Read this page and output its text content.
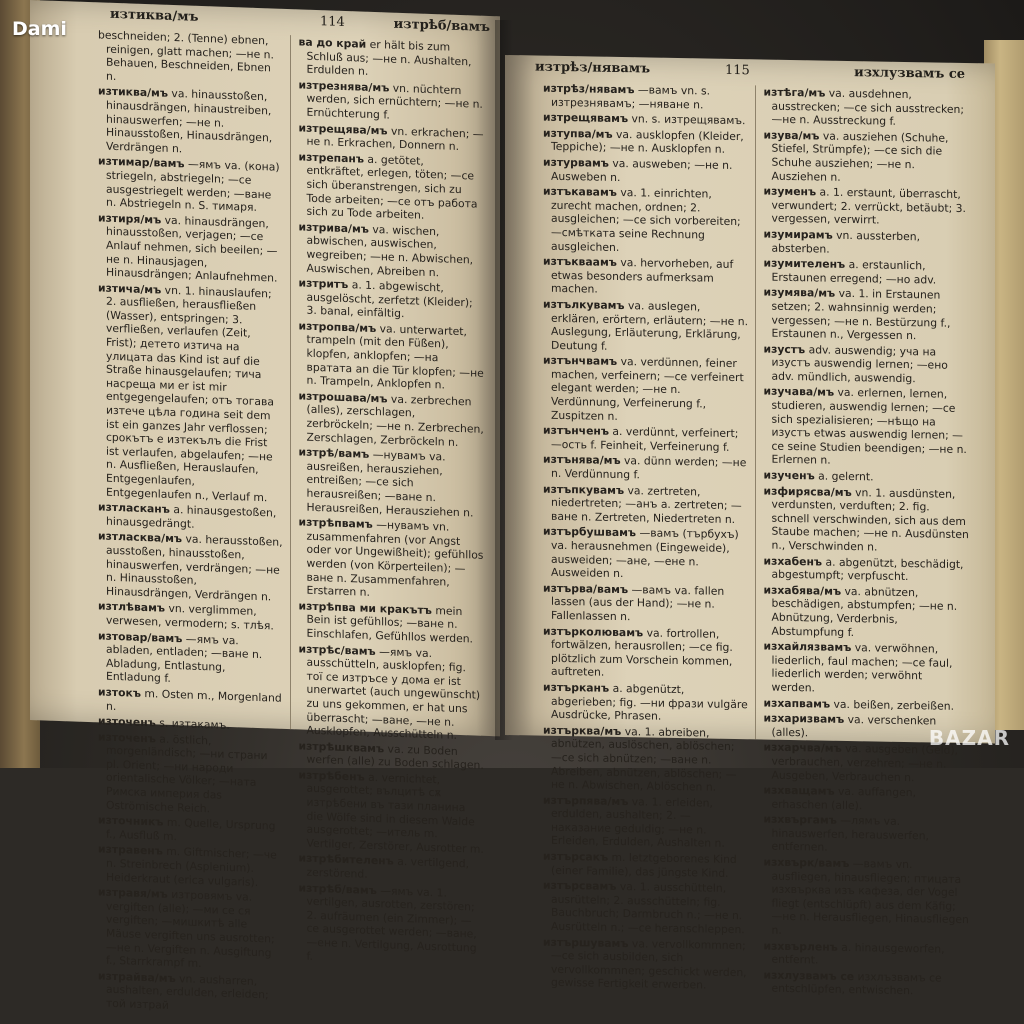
изтиква/мъ	114	изтрѣб/вамъ
beschneiden; 2. (Tenne) ebnen, reinigen, glatt machen; —не n. Behauen, Beschneiden, Ebnen n.
изтиква/мъ va. hinausstoßen, hinausdrängen, hinaustreiben, hinauswerfen; —не n. Hinausstoßen, Hinausdrängen, Verdrängen n.
изтимар/вамъ —ямъ va. (кона) striegeln, abstriegeln; —се ausgestriegelt werden; —ване n. Abstriegeln n. S. тимаря.
изтиря/мъ va. hinausdrängen, hinausstoßen, verjagen; —се Anlauf nehmen, sich beeilen; —не n. Hinausjagen, Hinausdrängen; Anlaufnehmen.
изтича/мъ vn. 1. hinauslaufen; 2. ausfließen, herausfließen (Wasser), entspringen; 3. verfließen, verlaufen (Zeit, Frist); детето изтича на улицата das Kind ist auf die Straße hinausgelaufen; тича насреща ми er ist mir entgegengelaufen; отъ тогава изтече цѣла година seit dem ist ein ganzes Jahr verflossen; срокътъ е изтекълъ die Frist ist verlaufen, abgelaufen; —не n. Ausfließen, Herauslaufen, Entgegenlaufen, Entgegenlaufen n., Verlauf m.
изтласканъ a. hinausgestoßen, hinausgedrängt.
изтласква/мъ va. herausstoßen, ausstoßen, hinausstoßen, hinauswerfen, verdrängen; —не n. Hinausstoßen, Hinausdrängen, Verdrängen n.
изтлѣвамъ vn. verglimmen, verwesen, vermodern; s. тлѣя.
изтовар/вамъ —ямъ va. abladen, entladen; —ване n. Abladung, Entlastung, Entladung f.
изтокъ m. Osten m., Morgenland n.
източенъ s. изтакамъ.
източенъ a. östlich, morgenländisch; —ни страни pl. Orient; —ни народи orientalische Völker; —ната Римска империя das Oströmische Reich.
източникъ m. Quelle, Ursprung f., Ausfluß m.
изтравенъ m. Giftmischer; —че n. Streinbrech (Asplenium). Heiderkraut (erica vulgaris).
изтравя/мъ изтровямъ va. vergiften (alle); —ми се ся vergiften; —мишкитѣ alle Mäuse vergiften uns ausrotten; —не n. Vergiften n. Ausgiftung f., Starrkrampf m.
изтрайва/мъ vn. ausharren, aushalten, erdulden, erleiden; той изтрай
ва до край er hält bis zum Schluß aus; —не n. Aushalten, Erdulden n.
изтрезнява/мъ vn. nüchtern werden, sich ernüchtern; —не n. Ernüchterung f.
изтрещява/мъ vn. erkrachen; —не n. Erkrachen, Donnern n.
изтрепанъ a. getötet, entkräftet, erlegen, töten; —се sich überanstrengen, sich zu Tode arbeiten; —се отъ работа sich zu Tode arbeiten.
изтрива/мъ va. wischen, abwischen, auswischen, wegreiben; —не n. Abwischen, Auswischen, Abreiben n.
изтритъ a. 1. abgewischt, ausgelöscht, zerfetzt (Kleider); 3. banal, einfältig.
изтропва/мъ va. unterwartet, trampeln (mit den Füßen), klopfen, anklopfen; —на вратата an die Tür klopfen; —не n. Trampeln, Anklopfen n.
изтрошава/мъ va. zerbrechen (alles), zerschlagen, zerbröckeln; —не n. Zerbrechen, Zerschlagen, Zerbröckeln n.
изтрѣ/вамъ —нувамъ va. ausreißen, herausziehen, entreißen; —се sich herausreißen; —ване n. Herausreißen, Herausziehen n.
изтрѣпвамъ —нувамъ vn. zusammenfahren (vor Angst oder vor Ungewißheit); gefühllos werden (von Körperteilen); —ване n. Zusammenfahren, Erstarren n.
изтрѣпва ми кракътъ mein Bein ist gefühllos; —ване n. Einschlafen, Gefühllos werden.
изтрѣс/вамъ —ямъ va. ausschütteln, ausklopfen; fig. тої се изтръсе у дома er ist unerwartet (auch ungewünscht) zu uns gekommen, er hat uns überrascht; —ване, —не n. Ausklopfen, Ausschütteln n.
изтрѣшквамъ va. zu Boden werfen (alle) zu Boden schlagen.
изтрѣбенъ a. vernichtet, ausgerottet; вълцитѣ сѫ изтрѣбени въ тази планина die Wölfe sind in diesem Walde ausgerottet; —итель m. Vertilger, Zerstörer, Ausrotter m.
изтрѣбителенъ a. vertilgend, zerstörend.
изтрѣб/вамъ —ямъ va. 1. vertilgen, ausrotten, zerstören; 2. aufräumen (ein Zimmer); —се ausgerottet werden; —ване, —ене n. Vertilgung, Ausrottung f.
изтрѣз/нявамъ	115	изхлузвамъ се
изтрѣз/нявамъ —вамъ vn. s. изтрезнявамъ; —няване n.
изтрещявамъ vn. s. изтрещявамъ.
изтупва/мъ va. ausklopfen (Kleider, Teppiche); —не n. Ausklopfen n.
изтурвамъ va. ausweben; —не n. Ausweben n.
изтъкавамъ va. 1. einrichten, zurecht machen, ordnen; 2. ausgleichen; —се sich vorbereiten; —смѣтката seine Rechnung ausgleichen.
изтъкваамъ va. hervorheben, auf etwas besonders aufmerksam machen.
изтълкувамъ va. auslegen, erklären, erörtern, erläutern; —не n. Auslegung, Erläuterung, Erklärung, Deutung f.
изтънчвамъ va. verdünnen, feiner machen, verfeinern; —се verfeinert elegant werden; —не n. Verdünnung, Verfeinerung f., Zuspitzen n.
изтънченъ a. verdünnt, verfeinert; —ость f. Feinheit, Verfeinerung f.
изтънява/мъ va. dünn werden; —не n. Verdünnung f.
изтъпкувамъ va. zertreten, niedertreten; —анъ a. zertreten; —ване n. Zertreten, Niedertreten n.
изтърбушвамъ —вамъ (търбухъ) va. herausnehmen (Eingeweide), ausweiden; —ане, —ене n. Ausweiden n.
изтърва/вамъ —вамъ va. fallen lassen (aus der Hand); —не n. Fallenlassen n.
изтърколювамъ va. fortrollen, fortwälzen, herausrollen; —се fig. plötzlich zum Vorschein kommen, auftreten.
изтърканъ a. abgenützt, abgerieben; fig. —ни фрази vulgäre Ausdrücke, Phrasen.
изтърква/мъ va. 1. abreiben, abnützen, auslöschen, ablöschen; —се sich abnützen; —ване n. Abreiben, abnützen, ablöschen; —не n. Abwischen, Ablöschen n.
изтърпява/мъ va. 1. erleiden, erdulden, aushalten; 2. —наказание geduldig; —не n. Erleiden, Erdulden, Aushalten n.
изтърсакъ m. letztgeborenes Kind (einer Familie), das jüngste Kind.
изтърсвамъ va. 1. ausschütteln, ausrütteln; 2. ausschütteln; fig. Bauchbruch; Darmbruch n.; —не n. Ausrütteln n.; —се heranschleppen.
изтършувамъ va. vervollkommnen; —се sich ausbilden, sich vervollkommnen; geschickt werden, gewisse Fertigkeit erwerben.
изтѣга/мъ va. ausdehnen, ausstrecken; —се sich ausstrecken; —не n. Ausstreckung f.
изува/мъ va. ausziehen (Schuhe, Stiefel, Strümpfe); —се sich die Schuhe ausziehen; —не n. Ausziehen n.
изуменъ a. 1. erstaunt, überrascht, verwundert; 2. verrückt, betäubt; 3. vergessen, verwirrt.
изумирамъ vn. aussterben, absterben.
изумителенъ a. erstaunlich, Erstaunen erregend; —но adv.
изумява/мъ va. 1. in Erstaunen setzen; 2. wahnsinnig werden; vergessen; —не n. Bestürzung f., Erstaunen n., Vergessen n.
изустъ adv. auswendig; уча на изустъ auswendig lernen; —ено adv. mündlich, auswendig.
изучава/мъ va. erlernen, lernen, studieren, auswendig lernen; —се sich spezialisieren; —нѣщо на изустъ etwas auswendig lernen; —се seine Studien beendigen; —не n. Erlernen n.
изученъ a. gelernt.
изфирясва/мъ vn. 1. ausdünsten, verdunsten, verduften; 2. fig. schnell verschwinden, sich aus dem Staube machen; —не n. Ausdünsten n., Verschwinden n.
изхабенъ a. abgenützt, beschädigt, abgestumpft; verpfuscht.
изхабява/мъ va. abnützen, beschädigen, abstumpfen; —не n. Abnützung, Verderbnis, Abstumpfung f.
изхайлязвамъ va. verwöhnen, liederlich, faul machen; —се faul, liederlich werden; verwöhnt werden.
изхапвамъ va. beißen, zerbeißen.
изхаризвамъ va. verschenken (alles).
изхарчва/мъ va. ausgeben (Geld), verbrauchen, verzehren; —не n. Ausgeben, Verbrauchen n.
изхващамъ va. auffangen, erhaschen (alle).
изхвъргамъ —лямъ va. hinauswerfen, herauswerfen, entfernen.
изхвърк/вамъ —вамъ vn. ausfliegen, hinausfliegen; птицата изхвърква изъ кафеза, der Vogel fliegt (entschlüpft) aus dem Käfig; —не n. Herausfliegen, Hinausfliegen n.
изхвърленъ a. hinausgeworfen, entfernt.
изхлузвамъ се изхлъзвамъ се entschlüpfen, entwischen.
Dami
BAZAR
